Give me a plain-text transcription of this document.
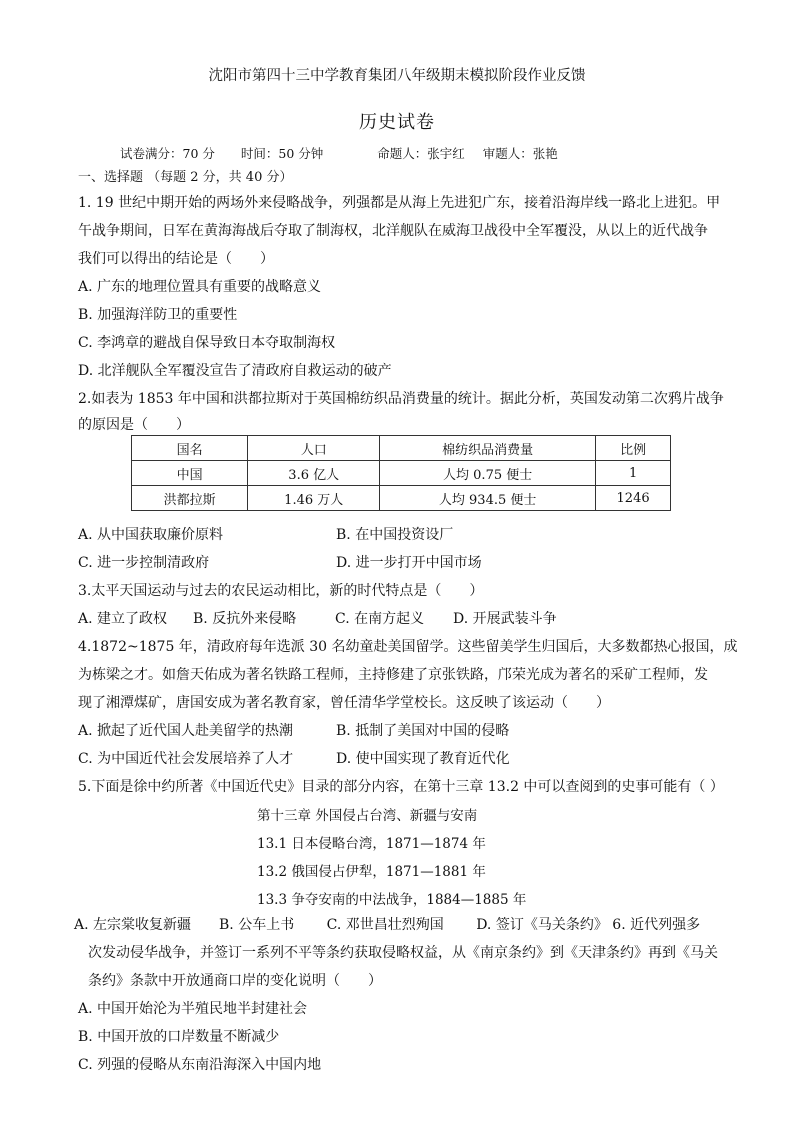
沈阳市第四十三中学教育集团八年级期末模拟阶段作业反馈
历史试卷
试卷满分：70 分 时间：50 分钟	命题人：张宇红 审题人：张艳
一、选择题 （每题 2 分，共 40 分）
1. 19 世纪中期开始的两场外来侵略战争，列强都是从海上先进犯广东，接着沿海岸线一路北上进犯。甲
午战争期间，日军在黄海海战后夺取了制海权，北洋舰队在威海卫战役中全军覆没，从以上的近代战争
我们可以得出的结论是（　　）
A. 广东的地理位置具有重要的战略意义
B. 加强海洋防卫的重要性
C. 李鸿章的避战自保导致日本夺取制海权
D. 北洋舰队全军覆没宣告了清政府自救运动的破产
2.如表为 1853 年中国和洪都拉斯对于英国棉纺织品消费量的统计。据此分析，英国发动第二次鸦片战争
的原因是（　　）
国名	人口	棉纺织品消费量	比例
中国	3.6 亿人	人均 0.75 便士	1
洪都拉斯	1.46 万人	人均 934.5 便士	1246
A. 从中国获取廉价原料	B. 在中国投资设厂
C. 进一步控制清政府	D. 进一步打开中国市场
3.太平天国运动与过去的农民运动相比，新的时代特点是（　　）
A. 建立了政权 B. 反抗外来侵略	C. 在南方起义 D. 开展武装斗争
4.1872~1875 年，清政府每年选派 30 名幼童赴美国留学。这些留美学生归国后，大多数都热心报国，成
为栋梁之才。如詹天佑成为著名铁路工程师，主持修建了京张铁路，邝荣光成为著名的采矿工程师，发
现了湘潭煤矿，唐国安成为著名教育家，曾任清华学堂校长。这反映了该运动（　　）
A. 掀起了近代国人赴美留学的热潮	B. 抵制了美国对中国的侵略
C. 为中国近代社会发展培养了人才	D. 使中国实现了教育近代化
5.下面是徐中约所著《中国近代史》目录的部分内容，在第十三章 13.2 中可以查阅到的史事可能有（ ）
第十三章 外国侵占台湾、新疆与安南
13.1 日本侵略台湾，1871—1874 年
13.2 俄国侵占伊犁，1871—1881 年
13.3 争夺安南的中法战争，1884—1885 年
A. 左宗棠收复新疆　　B. 公车上书　　 C. 邓世昌壮烈殉国　　 D. 签订《马关条约》 6. 近代列强多
次发动侵华战争，并签订一系列不平等条约获取侵略权益，从《南京条约》到《天津条约》再到《马关
条约》条款中开放通商口岸的变化说明（　　）
A. 中国开始沦为半殖民地半封建社会
B. 中国开放的口岸数量不断减少
C. 列强的侵略从东南沿海深入中国内地
